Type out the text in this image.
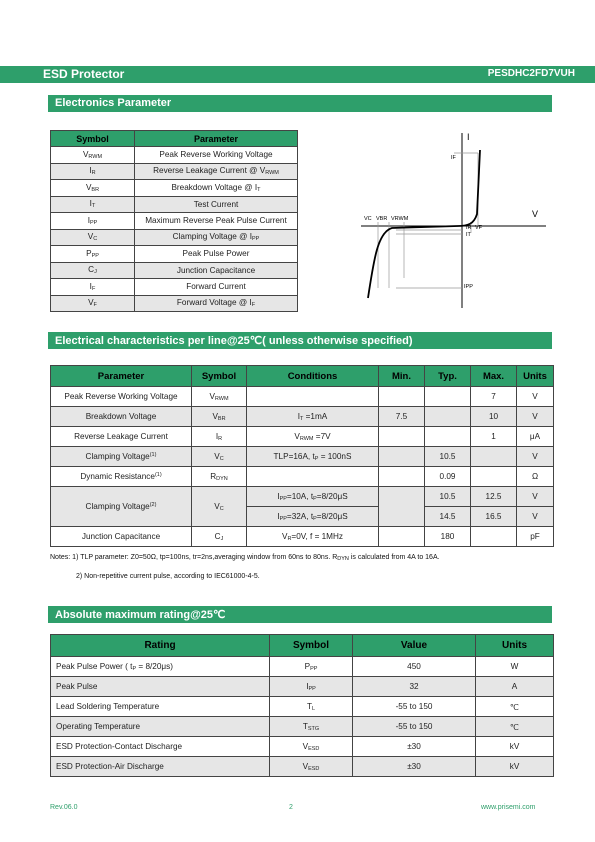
ESD Protector	PESDHC2FD7VUH
Electronics Parameter
Symbol	Parameter
VRWM	Peak Reverse Working Voltage
IR	Reverse Leakage Current @ VRWM
VBR	Breakdown Voltage @ IT
IT	Test Current
IPP	Maximum Reverse Peak Pulse Current
VC	Clamping Voltage @ IPP
PPP	Peak Pulse Power
CJ	Junction Capacitance
IF	Forward Current
VF	Forward Voltage @ IF
I
V
IF
VC VBR VRWM
IR VF
IT
IPP
Electrical characteristics per line@25℃( unless otherwise specified)
Parameter	Symbol	Conditions	Min.	Typ.	Max.	Units
Peak Reverse Working Voltage	VRWM				7	V
Breakdown Voltage	VBR	IT =1mA	7.5		10	V
Reverse Leakage Current	IR	VRWM =7V			1	μA
Clamping Voltage$^{(1)}$	VC	TLP=16A, tP = 100nS		10.5		V
Dynamic Resistance$^{(1)}$	RDYN			0.09		Ω
Clamping Voltage$^{(2)}$	VC	IPP=10A, tP=8/20μS		10.5	12.5	V
		IPP=32A, tP=8/20μS		14.5	16.5	V
Junction Capacitance	CJ	VR=0V, f = 1MHz		180		pF
Notes: 1) TLP parameter: Z0=50Ω, tp=100ns, tr=2ns,averaging window from 60ns to 80ns. RDYN is calculated from 4A to 16A.
2) Non-repetitive current pulse, according to IEC61000-4-5.
Absolute maximum rating@25℃
Rating	Symbol	Value	Units
Peak Pulse Power ( tP = 8/20μs)	PPP	450	W
Peak Pulse	IPP	32	A
Lead Soldering Temperature	TL	-55 to 150	℃
Operating Temperature	TSTG	-55 to 150	℃
ESD Protection-Contact Discharge	VESD	±30	kV
ESD Protection-Air Discharge	VESD	±30	kV
Rev.06.0	2	www.prisemi.com
